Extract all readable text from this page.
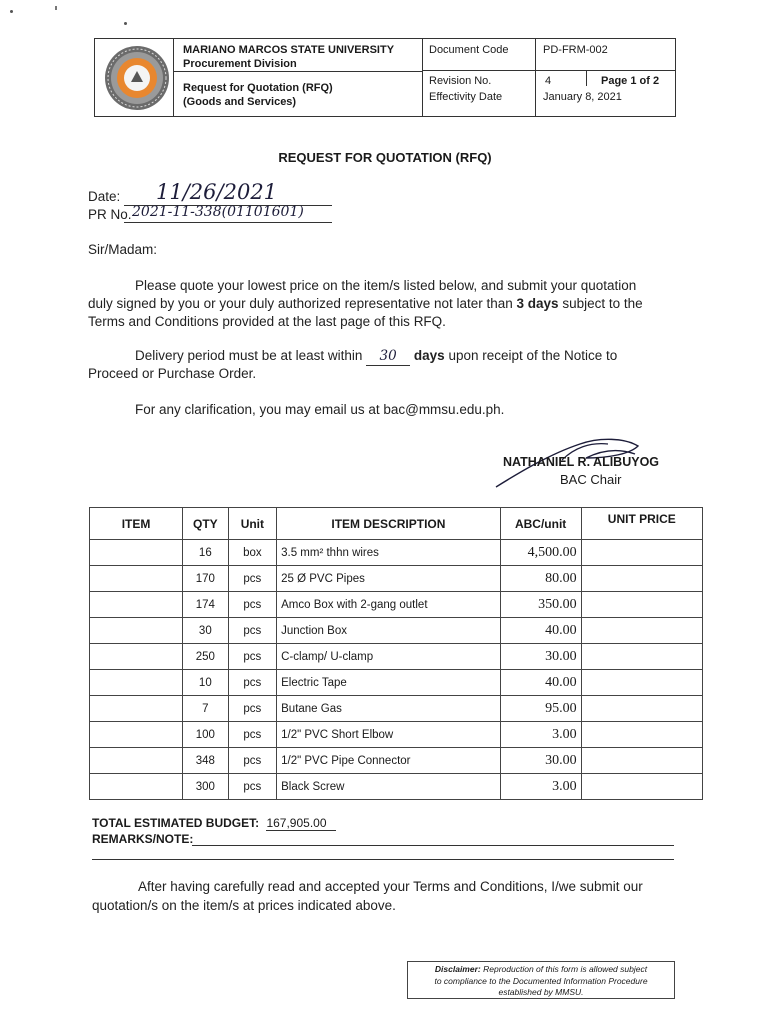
MARIANO MARCOS STATE UNIVERSITY
Procurement Division
Request for Quotation (RFQ)
(Goods and Services)
Document Code	PD-FRM-002
Revision No.	4	Page 1 of 2
Effectivity Date	January 8, 2021
REQUEST FOR QUOTATION (RFQ)
Date: 11/26/2021
PR No. 2021-11-338(01101601)
Sir/Madam:
Please quote your lowest price on the item/s listed below, and submit your quotation
duly signed by you or your duly authorized representative not later than 3 days subject to the
Terms and Conditions provided at the last page of this RFQ.
Delivery period must be at least within 30 days upon receipt of the Notice to
Proceed or Purchase Order.
For any clarification, you may email us at bac@mmsu.edu.ph.
NATHANIEL R. ALIBUYOG
BAC Chair
ITEM	QTY	Unit	ITEM DESCRIPTION	ABC/unit	UNIT PRICE
	16	box	3.5 mm² thhn wires	4,500.00	
	170	pcs	25 Ø PVC Pipes	80.00	
	174	pcs	Amco Box with 2-gang outlet	350.00	
	30	pcs	Junction Box	40.00	
	250	pcs	C-clamp/ U-clamp	30.00	
	10	pcs	Electric Tape	40.00	
	7	pcs	Butane Gas	95.00	
	100	pcs	1/2" PVC Short Elbow	3.00	
	348	pcs	1/2" PVC Pipe Connector	30.00	
	300	pcs	Black Screw	3.00	
TOTAL ESTIMATED BUDGET: 167,905.00
REMARKS/NOTE:
After having carefully read and accepted your Terms and Conditions, I/we submit our
quotation/s on the item/s at prices indicated above.
Disclaimer: Reproduction of this form is allowed subject
to compliance to the Documented Information Procedure
established by MMSU.
